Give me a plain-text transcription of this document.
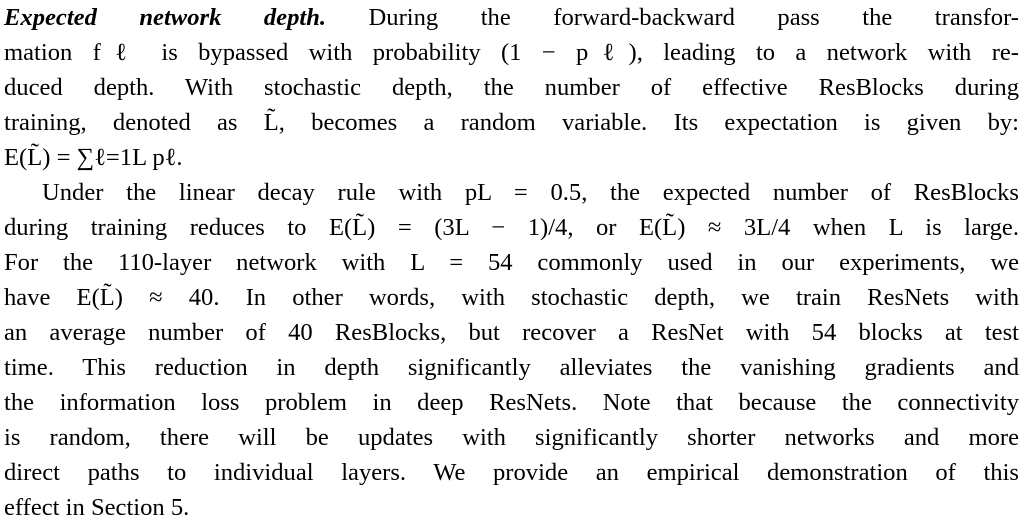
Expected network depth. During the forward-backward pass the transfor-
mation fℓ is bypassed with probability (1 − pℓ), leading to a network with re-
duced depth. With stochastic depth, the number of effective ResBlocks during
training, denoted as L̃, becomes a random variable. Its expectation is given by:
E(L̃) = ∑ℓ=1L pℓ.
Under the linear decay rule with pL = 0.5, the expected number of ResBlocks
during training reduces to E(L̃) = (3L − 1)/4, or E(L̃) ≈ 3L/4 when L is large.
For the 110-layer network with L = 54 commonly used in our experiments, we
have E(L̃) ≈ 40. In other words, with stochastic depth, we train ResNets with
an average number of 40 ResBlocks, but recover a ResNet with 54 blocks at test
time. This reduction in depth significantly alleviates the vanishing gradients and
the information loss problem in deep ResNets. Note that because the connectivity
is random, there will be updates with significantly shorter networks and more
direct paths to individual layers. We provide an empirical demonstration of this
effect in Section 5.
